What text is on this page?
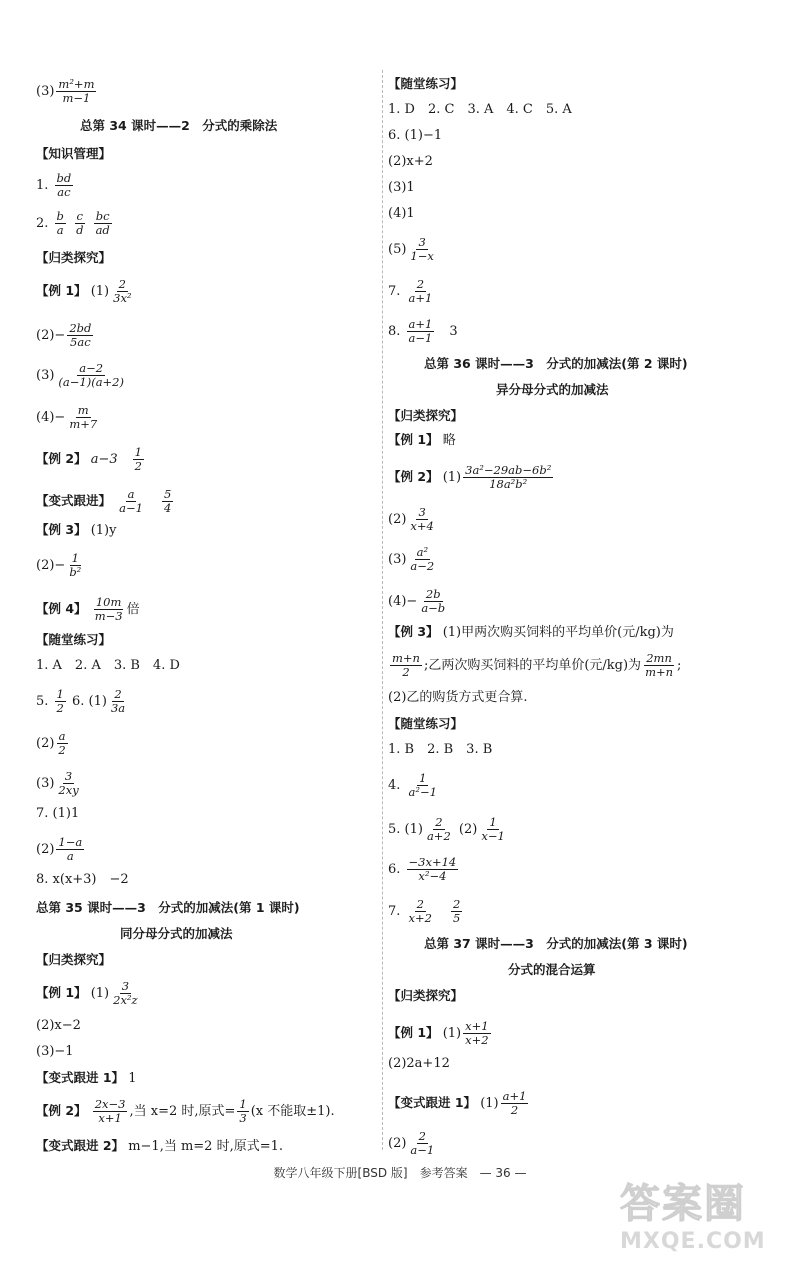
$(3) \frac{\text{m²+m}}{m-1}$
总第 34 课时——2　分式的乘除法
【知识管理】
1. $\frac{bd}{ac}$
2. $\frac{b}{a}$
$\frac{c}{d}$
$\frac{bc}{ad}$
【归类探究】
【例 1】 $(1) \frac{2}{\text{3x²}}$
$(2)- \frac{2bd}{5ac}$
$(3) \frac{a-2}{(a-1)(a+2)}$
$(4)- \frac{m}{m+7}$
【例 2】 a−3　 $\frac{1}{2}$
【变式跟进】 $\frac{a}{a-1}$
　 $\frac{5}{4}$
【例 3】 (1)y
$(2)- \frac{1}{\text{b²}}$
【例 4】 $\frac{10m}{m-3}$ 倍
【随堂练习】
1. A　2. A　3. B　4. D
5. $\frac{1}{2} 6$. $(1) \frac{2}{3a}$
$(2) \frac{a}{2}$
$(3) \frac{3}{2xy}$
7. (1)1
$(2) \frac{1-a}{a}$
8. x(x+3)　−2
总第 35 课时——3　分式的加减法(第 1 课时)
同分母分式的加减法
【归类探究】
【例 1】 $(1) \frac{3}{\text{2x²z}}$
(2)x−2
(3)−1
【变式跟进 1】 1
【例 2】 $\frac{2x-3}{x+1}$ ,当 x=2 时,原式= $\frac{1}{3} (x$ 不能取±1).
【变式跟进 2】 m−1,当 m=2 时,原式=1.
【随堂练习】
1. D　2. C　3. A　4. C　5. A
6. (1)−1
(2)x+2
(3)1
(4)1
$(5) \frac{3}{1-x}$
7. $\frac{2}{a+1}$
8. $\frac{a+1}{a-1}$
　 3
总第 36 课时——3　分式的加减法(第 2 课时)
异分母分式的加减法
【归类探究】
【例 1】 略
【例 2】 $(1) \frac{\text{3a²−29ab−6b²}}{\text{18a²b²}}$
$(2) \frac{3}{x+4}$
$(3) \frac{\text{a²}}{a-2}$
$(4)- \frac{2b}{a-b}$
【例 3】 (1)甲两次购买饲料的平均单价(元/kg)为
$\frac{m+n}{2}$ ;乙两次购买饲料的平均单价(元/kg)为 $\frac{2mn}{m+n}$ ;
(2)乙的购货方式更合算.
【随堂练习】
1. B　2. B　3. B
4. $\frac{1}{\text{a²−1}}$
5. $(1) \frac{2}{a+2} (2) \frac{1}{x-1}$
6. $\frac{-3x+14}{\text{x²−4}}$
7. $\frac{2}{x+2}$
　 $\frac{2}{5}$
总第 37 课时——3　分式的加减法(第 3 课时)
分式的混合运算
【归类探究】
【例 1】 $(1) \frac{x+1}{x+2}$
(2)2a+12
【变式跟进 1】 $(1) \frac{a+1}{2}$
$(2) \frac{2}{a-1}$
数学八年级下册[BSD 版]　参考答案　— 36 —
答案圈
MXQE.COM
